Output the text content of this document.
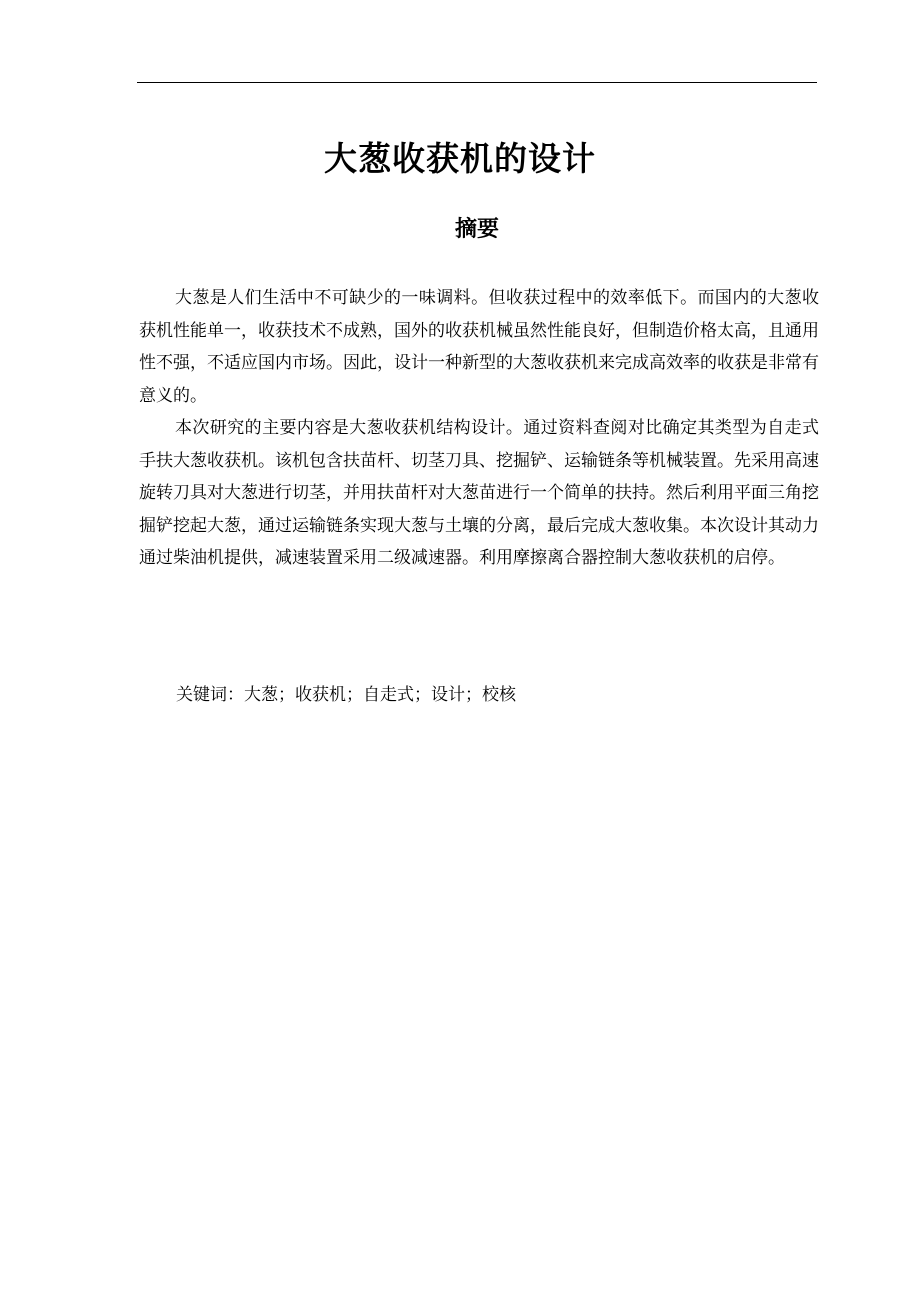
大葱收获机的设计
摘要

大葱是人们生活中不可缺少的一味调料。但收获过程中的效率低下。而国内的大葱收获机性能单一，收获技术不成熟，国外的收获机械虽然性能良好，但制造价格太高，且通用性不强，不适应国内市场。因此，设计一种新型的大葱收获机来完成高效率的收获是非常有意义的。

本次研究的主要内容是大葱收获机结构设计。通过资料查阅对比确定其类型为自走式手扶大葱收获机。该机包含扶苗杆、切茎刀具、挖掘铲、运输链条等机械装置。先采用高速旋转刀具对大葱进行切茎，并用扶苗杆对大葱苗进行一个简单的扶持。然后利用平面三角挖掘铲挖起大葱，通过运输链条实现大葱与土壤的分离，最后完成大葱收集。本次设计其动力通过柴油机提供，减速装置采用二级减速器。利用摩擦离合器控制大葱收获机的启停。

关键词：大葱；收获机；自走式；设计；校核
